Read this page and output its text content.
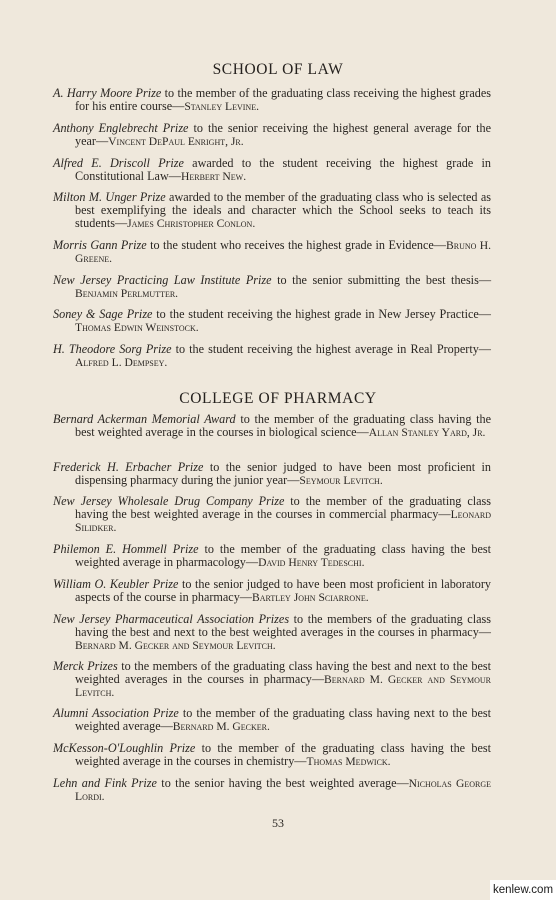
SCHOOL OF LAW
A. Harry Moore Prize to the member of the graduating class receiving the highest grades for his entire course—Stanley Levine.
Anthony Englebrecht Prize to the senior receiving the highest general average for the year—Vincent DePaul Enright, Jr.
Alfred E. Driscoll Prize awarded to the student receiving the highest grade in Constitutional Law—Herbert New.
Milton M. Unger Prize awarded to the member of the graduating class who is selected as best exemplifying the ideals and character which the School seeks to teach its students—James Christopher Conlon.
Morris Gann Prize to the student who receives the highest grade in Evidence—Bruno H. Greene.
New Jersey Practicing Law Institute Prize to the senior submitting the best thesis—Benjamin Perlmutter.
Soney & Sage Prize to the student receiving the highest grade in New Jersey Practice—Thomas Edwin Weinstock.
H. Theodore Sorg Prize to the student receiving the highest average in Real Property—Alfred L. Dempsey.
COLLEGE OF PHARMACY
Bernard Ackerman Memorial Award to the member of the graduating class having the best weighted average in the courses in biological science—Allan Stanley Yard, Jr.
Frederick H. Erbacher Prize to the senior judged to have been most proficient in dispensing pharmacy during the junior year—Seymour Levitch.
New Jersey Wholesale Drug Company Prize to the member of the graduating class having the best weighted average in the courses in commercial pharmacy—Leonard Silidker.
Philemon E. Hommell Prize to the member of the graduating class having the best weighted average in pharmacology—David Henry Tedeschi.
William O. Keubler Prize to the senior judged to have been most proficient in laboratory aspects of the course in pharmacy—Bartley John Sciarrone.
New Jersey Pharmaceutical Association Prizes to the members of the graduating class having the best and next to the best weighted averages in the courses in pharmacy—Bernard M. Gecker and Seymour Levitch.
Merck Prizes to the members of the graduating class having the best and next to the best weighted averages in the courses in pharmacy—Bernard M. Gecker and Seymour Levitch.
Alumni Association Prize to the member of the graduating class having next to the best weighted average—Bernard M. Gecker.
McKesson-O'Loughlin Prize to the member of the graduating class having the best weighted average in the courses in chemistry—Thomas Medwick.
Lehn and Fink Prize to the senior having the best weighted average—Nicholas George Lordi.
53
kenlew.com
